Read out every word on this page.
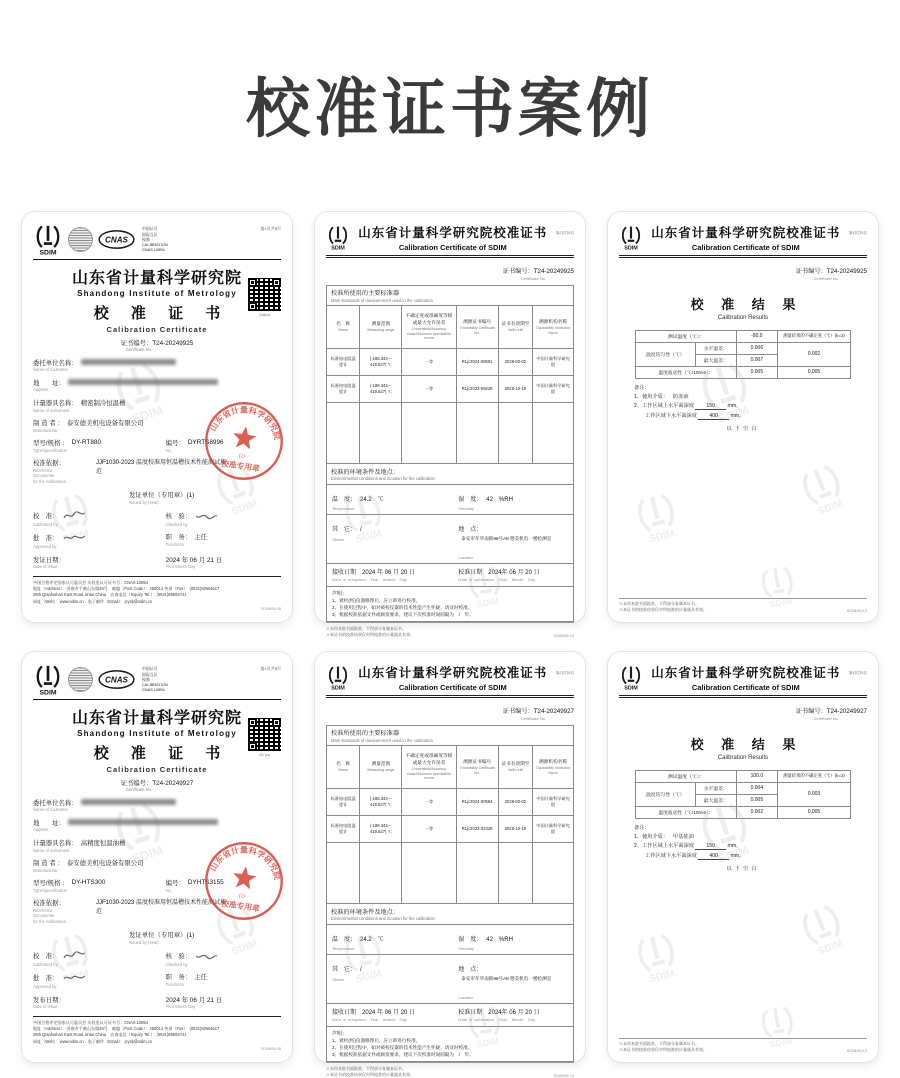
校准证书案例
中国认可
国际互认
校准
CALIBRATION
CNAS L0854
第1页共5页
山东省计量科学研究院
Shandong Institute of Metrology
校 准 证 书
Calibration Certificate
证书编号：T24-20249925
Certificate No.
248pxl
委托单位名称：
Name of Customer
地　　址：
Address
计量器具名称： 精密制冷恒温槽
Name of instrument
制 造 者 ： 泰安德美机电设备有限公司
Manufacturer
型号/规格 ： DY-RT880
Type/Specification
编号： DYRTS8996
No.
校准依据：
Reference
Documents
for the Calibration
JJF1030-2023 温度校准用恒温槽技术性能测试规范
发证单位（专用章）(1)
Issued by (seal)
校　准：
Calibrated by
核　验：
Checked by
批　准：
Approved by
职　务： 主任
Functions
发证日期：
Date of issue
2024 年 06 月 21 日
Year Month Day
山东省计量科学研究院
(1)
校准专用章
中国合格评定国家认可委员会 实验室认可证书号：CNAS L0854
地址（Address）：济南市千佛山东路28号　邮编（Post Code）：250014 传真（Fax）：(0531)82669117
28th Qianfoshan East Road Jinan,China　咨询电话（Inquiry Tel.）：(0531)85693741
网址（Web）：www.sdim.cn　电子邮件（Email）：jcyxb@sdim.cn
SDIM/06-08
山东省计量科学研究院校准证书
Calibration Certificate of SDIM
第2页共5页
证书编号：T24-20249925
Certificate No.
校准所使用的主要标准器
Main standards of measurement used in the calibration					

名　称
Name

测量范围
Measuring range

不确定度或准确度等级或最大允许误差
Uncertainty/Accuracy class/Maximum permissible errors

溯源证书编号
Traceability Certificate No.

证书有效期至
Valid until

溯源机构名称
Traceability Institution Name

标准铂电阻温度计	(-189.344～419.527) ℃	一等	RLjc2024-08591	2026-02-02	中国计量科学研究院
标准铂电阻温度计	(-189.344～419.527) ℃	一等	RLjc2023-09226	2025-10-19	中国计量科学研究院

校准的环境条件及地点：
Environmental conditions and location for the calibration					

温　度： 24.2　℃
Temperature
湿　度： 42　%RH
Humidity					

其　它： /
Others
地　点：泰安市年华南街98号A8 德美机电一楼检测室
Location					

接收日期　 2024 年 06 月 20 日
Date of reception　 Year　Month　Day
校准日期　 2024年 06 月 20 日
Date of calibration　 Year　Month　Day					

声明：
1、被检(校)仪器修理后，应立即进行校准。
2、在使用过程中，如对被校仪器的技术性能产生怀疑，请及时校准。
3、根据校准依据文件或顾客要求，建议下次校准时间间隔为　/　年。					
＊未经本院书面批准，不得部分复制本证书。
＊本证书的校准结果仅对所校准的计量器具有效。	SDIM/06-10
山东省计量科学研究院校准证书
Calibration Certificate of SDIM
第3页共5页
证书编号：T24-20249925
Certificate No.
校 准 结 果
Calibration Results
测试温度（℃）：		-80.0	测量结果的不确定度（℃）(k=2)
温度均匀性（℃）	水平温差：	0.006	0.002
	最大温差：	0.007	
温度波动性（℃/10min）：		0.005	0.005
备注：
1、使用介质： 防冻液
2、工作区域上水平面深度 150 mm，
工作区域下水平面深度 400 mm。
以下空白
＊未经本院书面批准，不得部分复制本证书。
＊本证书的校准结果仅对所校准的计量器具有效。	SDIM/06-10
中国认可
国际互认
校准
CALIBRATION
CNAS L0854
第1页共5页
山东省计量科学研究院
Shandong Institute of Metrology
校 准 证 书
Calibration Certificate
证书编号：T24-20249927
Certificate No.
24 pxl
委托单位名称：
Name of Customer
地　　址：
Address
计量器具名称： 高精度恒温油槽
Name of instrument
制 造 者 ： 泰安德美机电设备有限公司
Manufacturer
型号/规格 ： DY-HTS300
Type/Specification
编号： DYHTS3155
No.
校准依据：
Reference
Documents
for the Calibration
JJF1030-2023 温度校准用恒温槽技术性能测试规范
发证单位（专用章）(1)
Issued by (seal)
校　准：
Calibrated by
核　验：
Checked by
批　准：
Approved by
职　务： 主任
Functions
发布日期：
Date of issue
2024 年 06 月 21 日
Year Month Day
山东省计量科学研究院
(1)
校准专用章
中国合格评定国家认可委员会 实验室认可证书号：CNAS L0854
地址（Address）：济南市千佛山东路28号　邮编（Post Code）：250014 传真（Fax）：(0531)82669117
28th Qianfoshan East Road Jinan,China　咨询电话（Inquiry Tel.）：(0531)85693741
网址（Web）：www.sdim.cn　电子邮件（Email）：jcyxb@sdim.cn
SDIM/06-08
山东省计量科学研究院校准证书
Calibration Certificate of SDIM
第2页共5页
证书编号：T24-20249927
Certificate No.
校准所使用的主要标准器
Main standards of measurement used in the calibration					

名　称
Name

测量范围
Measuring range

不确定度或准确度等级或最大允许误差
Uncertainty/Accuracy class/Maximum permissible errors

溯源证书编号
Traceability Certificate No.

证书有效期至
Valid until

溯源机构名称
Traceability Institution Name

标准铂电阻温度计	(-189.344～419.527) ℃	一等	RLjc2024-00584	2026-02-02	中国计量科学研究院
标准铂电阻温度计	(-189.344～419.527) ℃	一等	RLjc2023-02326	2025-10-19	中国计量科学研究院

校准的环境条件及地点：
Environmental conditions and location for the calibration					

温　度： 24.2　℃
Temperature
湿　度： 42　%RH
Humidity					

其　它： /
Others
地　点：泰安市年华南街98号A8 德美机电一楼检测室
Location					

接收日期　 2024 年 06 月 20 日
Date of reception　 Year　Month　Day
校准日期　 2024年 06 月 20 日
Date of calibration　 Year　Month　Day					

声明：
1、被检(校)仪器修理后，应立即进行校准。
2、在使用过程中，如对被校仪器的技术性能产生怀疑，请及时校准。
3、根据校准依据文件或顾客要求，建议下次校准时间间隔为　/　年。					
＊未经本院书面批准，不得部分复制本证书。
＊本证书的校准结果仅对所校准的计量器具有效。	SDIM/06-10
山东省计量科学研究院校准证书
Calibration Certificate of SDIM
第3页共5页
证书编号：T24-20249927
Certificate No.
校 准 结 果
Calibration Results
测试温度（℃）：		100.0	测量结果的不确定度（℃）(k=2)
温度均匀性（℃）	水平温差：	0.004	0.003
	最大温差：	0.005	
温度波动性（℃/10min）：		0.002	0.005
备注：
1、使用介质： 甲基硅油
2、工作区域上水平面深度 150 mm，
工作区域下水平面深度 400 mm。
以下空白
＊未经本院书面批准，不得部分复制本证书。
＊本证书的校准结果仅对所校准的计量器具有效。	SDIM/06-10
